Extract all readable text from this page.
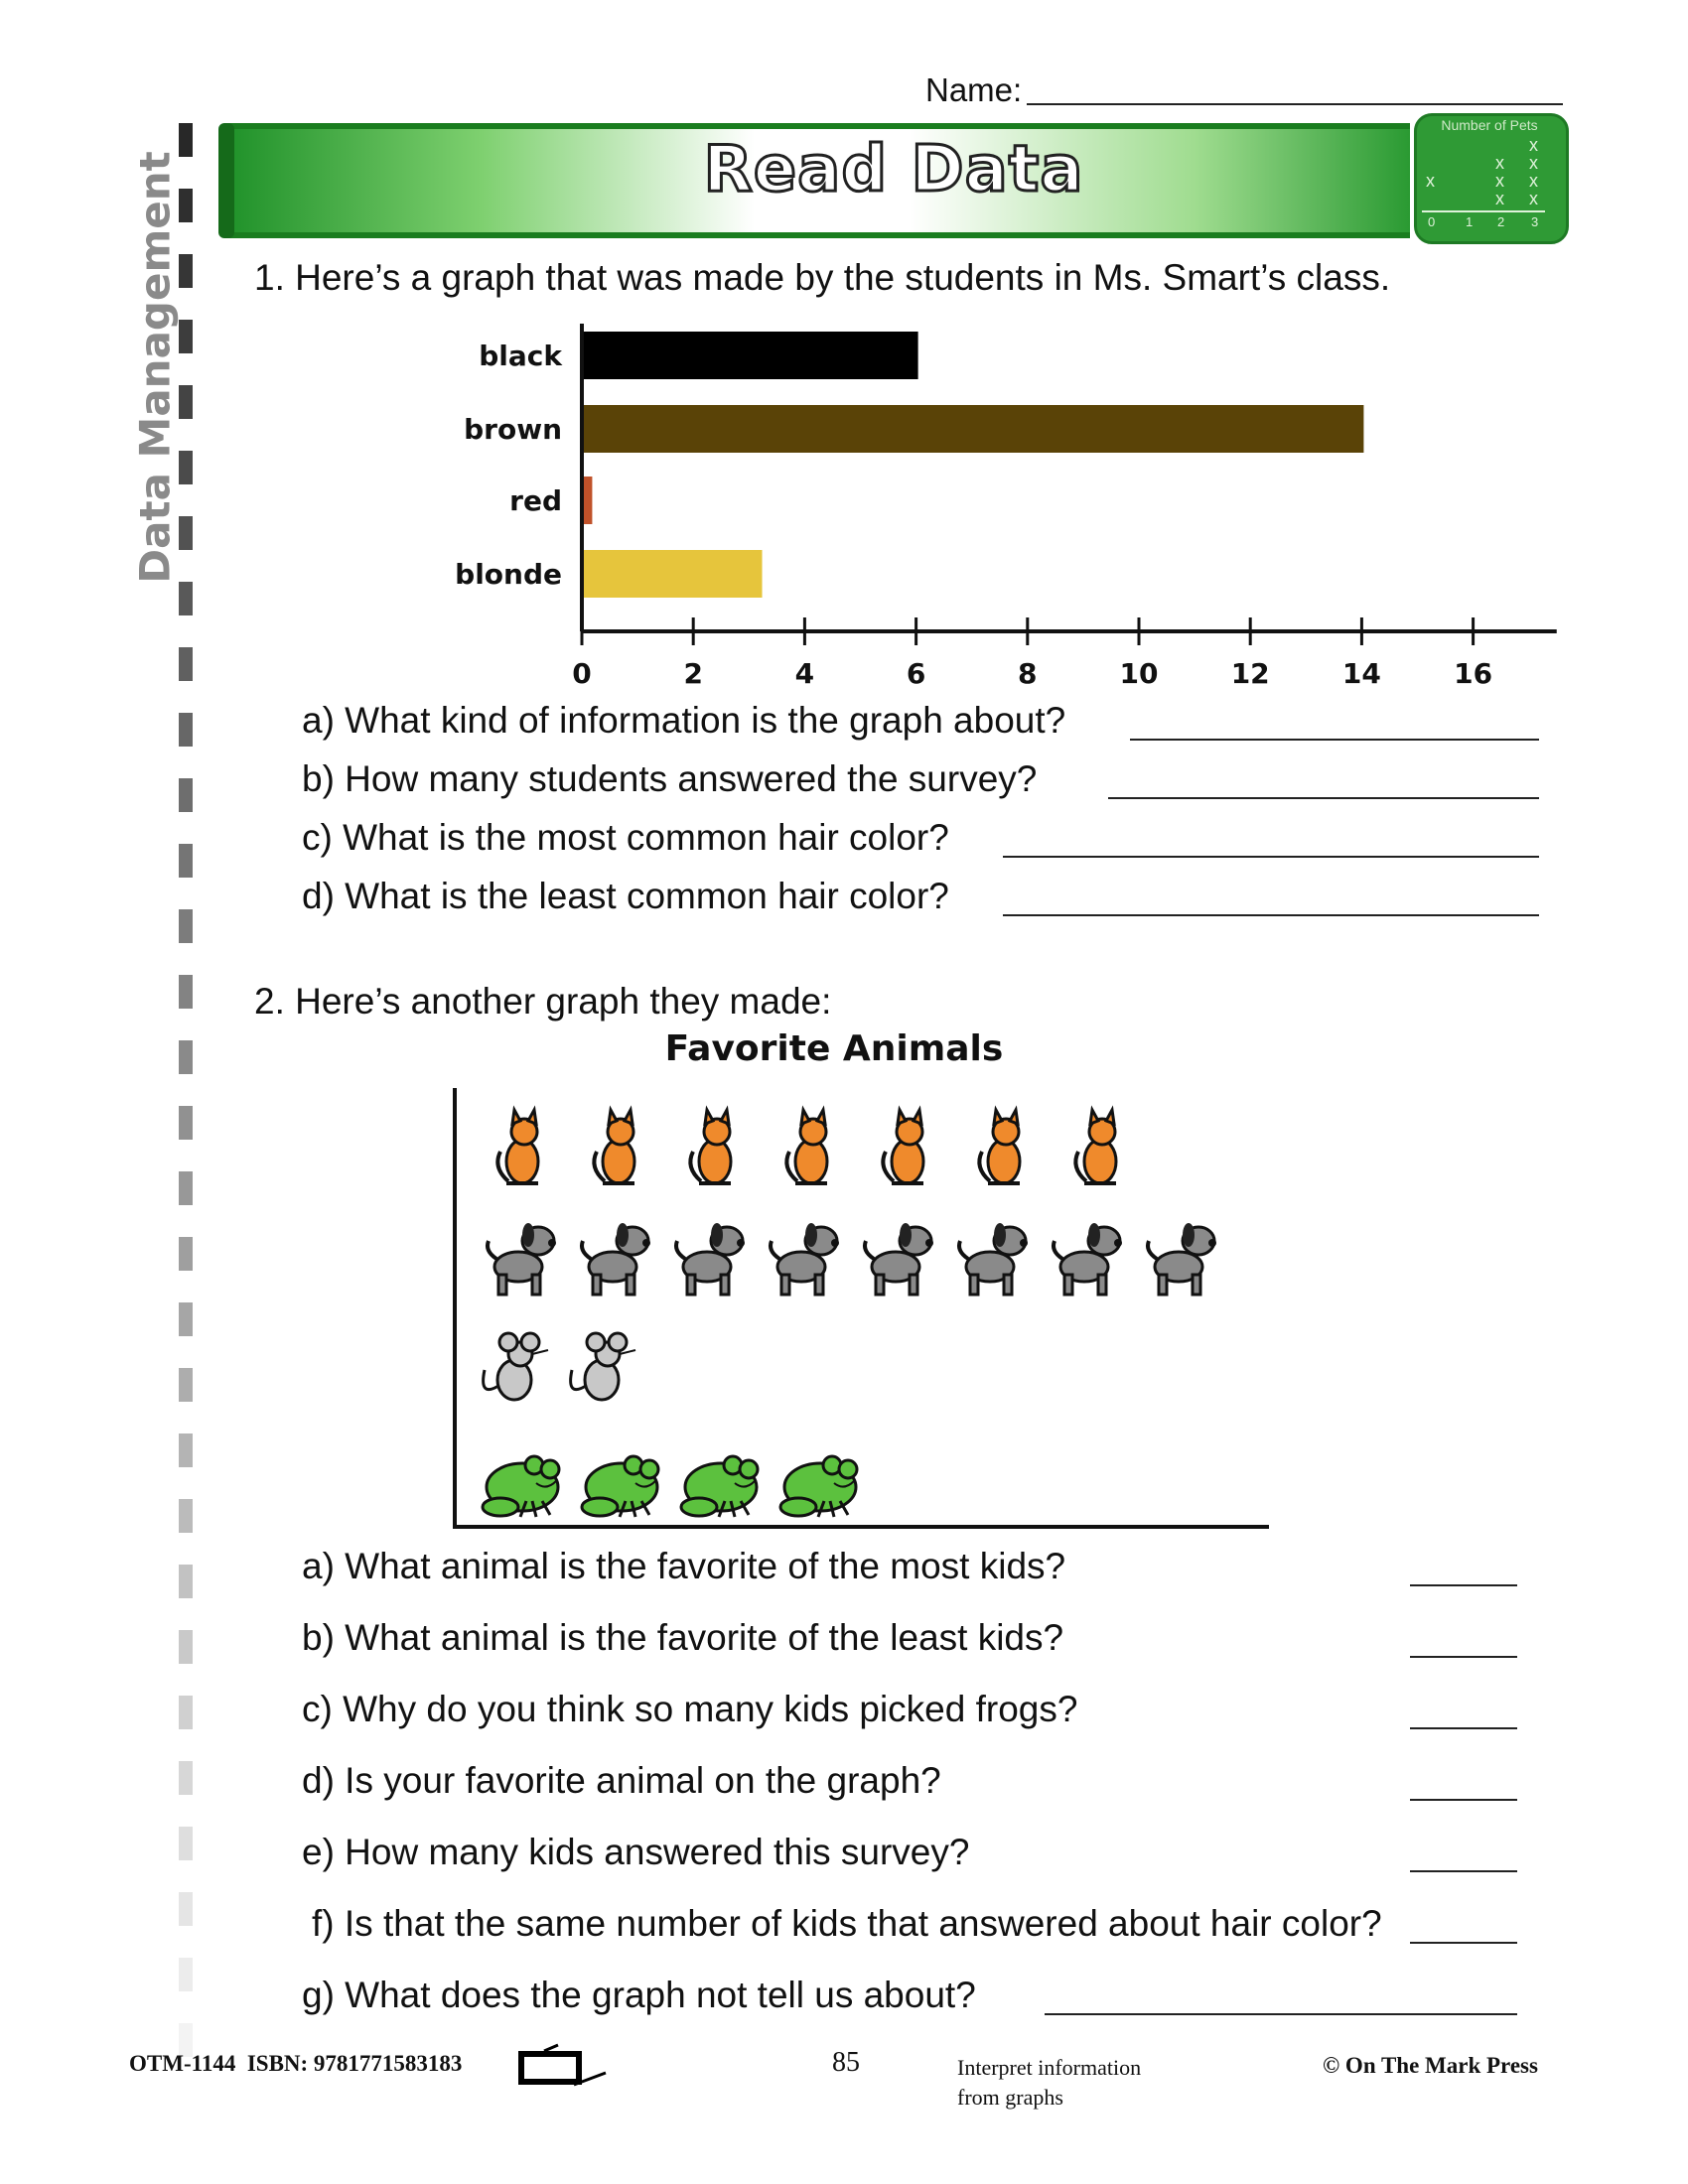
Data Management
Name:
Read Data
Number of Pets
x
x
x
x
x
x
x
x
0 1 2 3
1. Here’s a graph that was made by the students in Ms. Smart’s class.
black
brown
red
blonde
0	2	4	6	8	10	12	14	16
a) What kind of information is the graph about?
b) How many students answered the survey?
c) What is the most common hair color?
d) What is the least common hair color?
2. Here’s another graph they made:
Favorite Animals
a) What animal is the favorite of the most kids?
b) What animal is the favorite of the least kids?
c) Why do you think so many kids picked frogs?
d) Is your favorite animal on the graph?
e) How many kids answered this survey?
f) Is that the same number of kids that answered about hair color?
g) What does the graph not tell us about?
OTM-1144  ISBN: 9781771583183	85	Interpret information
from graphs
© On The Mark Press
